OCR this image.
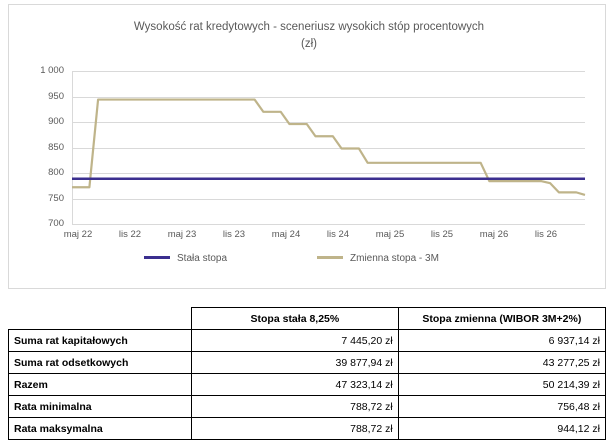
Wysokość rat kredytowych - sceneriusz wysokich stóp procentowych
(zł)
700
750
800
850
900
950
1 000
maj 22	lis 22	maj 23	lis 23	maj 24	lis 24	maj 25	lis 25	maj 26	lis 26
Stała stopa	Zmienna stopa - 3M
	Stopa stała 8,25%	Stopa zmienna (WIBOR 3M+2%)
Suma rat kapitałowych	7 445,20 zł	6 937,14 zł
Suma rat odsetkowych	39 877,94 zł	43 277,25 zł
Razem	47 323,14 zł	50 214,39 zł
Rata minimalna	788,72 zł	756,48 zł
Rata maksymalna	788,72 zł	944,12 zł
